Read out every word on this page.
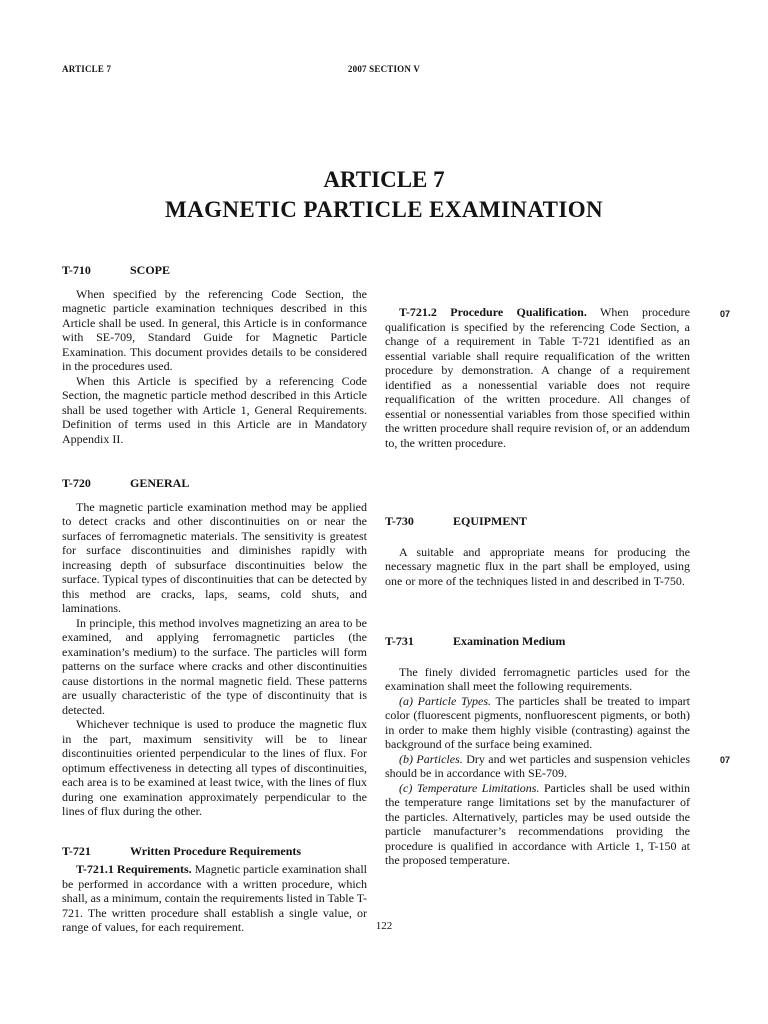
ARTICLE 7	2007 SECTION V
ARTICLE 7
MAGNETIC PARTICLE EXAMINATION
T-710	SCOPE

When specified by the referencing Code Section, the magnetic particle examination techniques described in this Article shall be used. In general, this Article is in conformance with SE-709, Standard Guide for Magnetic Particle Examination. This document provides details to be considered in the procedures used.

When this Article is specified by a referencing Code Section, the magnetic particle method described in this Article shall be used together with Article 1, General Requirements. Definition of terms used in this Article are in Mandatory Appendix II.

T-720	GENERAL

The magnetic particle examination method may be applied to detect cracks and other discontinuities on or near the surfaces of ferromagnetic materials. The sensitivity is greatest for surface discontinuities and diminishes rapidly with increasing depth of subsurface discontinuities below the surface. Typical types of discontinuities that can be detected by this method are cracks, laps, seams, cold shuts, and laminations.

In principle, this method involves magnetizing an area to be examined, and applying ferromagnetic particles (the examination’s medium) to the surface. The particles will form patterns on the surface where cracks and other discontinuities cause distortions in the normal magnetic field. These patterns are usually characteristic of the type of discontinuity that is detected.

Whichever technique is used to produce the magnetic flux in the part, maximum sensitivity will be to linear discontinuities oriented perpendicular to the lines of flux. For optimum effectiveness in detecting all types of discontinuities, each area is to be examined at least twice, with the lines of flux during one examination approximately perpendicular to the lines of flux during the other.

T-721	Written Procedure Requirements

T-721.1 Requirements. Magnetic particle examination shall be performed in accordance with a written procedure, which shall, as a minimum, contain the requirements listed in Table T-721. The written procedure shall establish a single value, or range of values, for each requirement.

T-721.2 Procedure Qualification. When procedure qualification is specified by the referencing Code Section, a change of a requirement in Table T-721 identified as an essential variable shall require requalification of the written procedure by demonstration. A change of a requirement identified as a nonessential variable does not require requalification of the written procedure. All changes of essential or nonessential variables from those specified within the written procedure shall require revision of, or an addendum to, the written procedure.
07

T-730	EQUIPMENT

A suitable and appropriate means for producing the necessary magnetic flux in the part shall be employed, using one or more of the techniques listed in and described in T-750.

T-731	Examination Medium

The finely divided ferromagnetic particles used for the examination shall meet the following requirements.

(a) Particle Types. The particles shall be treated to impart color (fluorescent pigments, nonfluorescent pigments, or both) in order to make them highly visible (contrasting) against the background of the surface being examined.

(b) Particles. Dry and wet particles and suspension vehicles should be in accordance with SE-709.
07

(c) Temperature Limitations. Particles shall be used within the temperature range limitations set by the manufacturer of the particles. Alternatively, particles may be used outside the particle manufacturer’s recommendations providing the procedure is qualified in accordance with Article 1, T-150 at the proposed temperature.

122
